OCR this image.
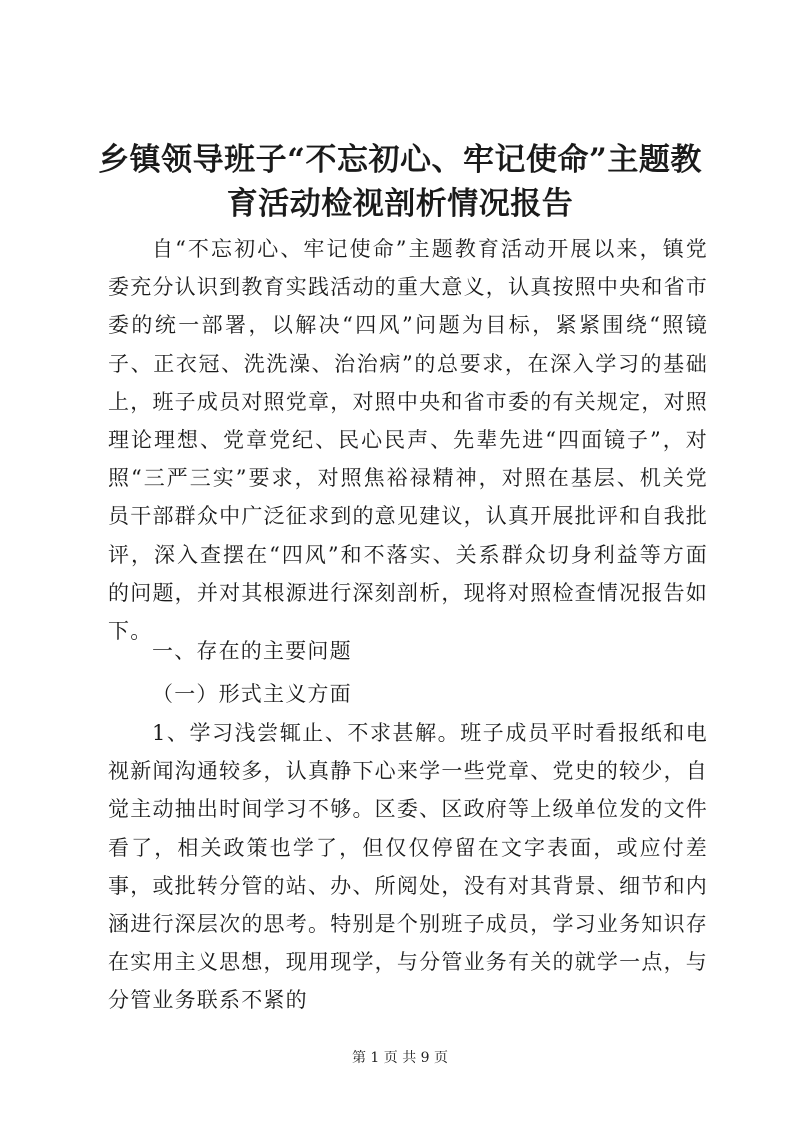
乡镇领导班子“不忘初心、牢记使命”主题教育活动检视剖析情况报告

自“不忘初心、牢记使命”主题教育活动开展以来，镇党委充分认识到教育实践活动的重大意义，认真按照中央和省市委的统一部署，以解决“四风”问题为目标，紧紧围绕“照镜子、正衣冠、洗洗澡、治治病”的总要求，在深入学习的基础上，班子成员对照党章，对照中央和省市委的有关规定，对照理论理想、党章党纪、民心民声、先辈先进“四面镜子”，对照“三严三实”要求，对照焦裕禄精神，对照在基层、机关党员干部群众中广泛征求到的意见建议，认真开展批评和自我批评，深入查摆在“四风”和不落实、关系群众切身利益等方面的问题，并对其根源进行深刻剖析，现将对照检查情况报告如下。

一、存在的主要问题

（一）形式主义方面

1、学习浅尝辄止、不求甚解。班子成员平时看报纸和电视新闻沟通较多，认真静下心来学一些党章、党史的较少，自觉主动抽出时间学习不够。区委、区政府等上级单位发的文件看了，相关政策也学了，但仅仅停留在文字表面，或应付差事，或批转分管的站、办、所阅处，没有对其背景、细节和内涵进行深层次的思考。特别是个别班子成员，学习业务知识存在实用主义思想，现用现学，与分管业务有关的就学一点，与分管业务联系不紧的

第 1 页 共 9 页
